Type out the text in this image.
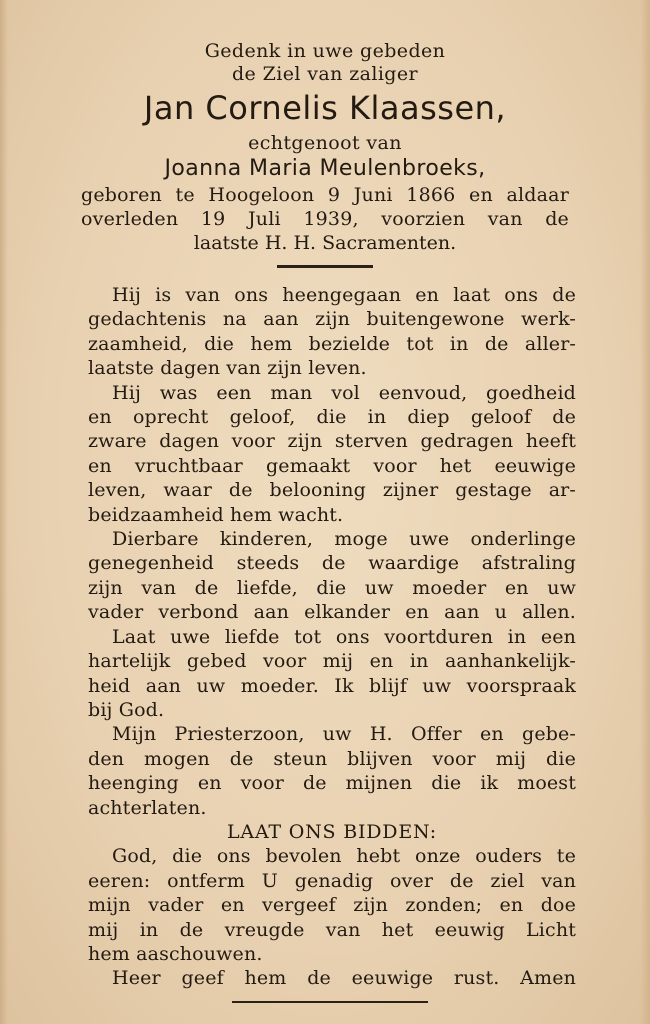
Gedenk in uwe gebeden
de Ziel van zaliger
Jan Cornelis Klaassen,
echtgenoot van
Joanna Maria Meulenbroeks,
geboren te Hoogeloon 9 Juni 1866 en aldaar
overleden 19 Juli 1939, voorzien van de
laatste H. H. Sacramenten.
Hij is van ons heengegaan en laat ons de
gedachtenis na aan zijn buitengewone werk-
zaamheid, die hem bezielde tot in de aller-
laatste dagen van zijn leven.
Hij was een man vol eenvoud, goedheid
en oprecht geloof, die in diep geloof de
zware dagen voor zijn sterven gedragen heeft
en vruchtbaar gemaakt voor het eeuwige
leven, waar de belooning zijner gestage ar-
beidzaamheid hem wacht.
Dierbare kinderen, moge uwe onderlinge
genegenheid steeds de waardige afstraling
zijn van de liefde, die uw moeder en uw
vader verbond aan elkander en aan u allen.
Laat uwe liefde tot ons voortduren in een
hartelijk gebed voor mij en in aanhankelijk-
heid aan uw moeder. Ik blijf uw voorspraak
bij God.
Mijn Priesterzoon, uw H. Offer en gebe-
den mogen de steun blijven voor mij die
heenging en voor de mijnen die ik moest
achterlaten.
LAAT ONS BIDDEN:
God, die ons bevolen hebt onze ouders te
eeren: ontferm U genadig over de ziel van
mijn vader en vergeef zijn zonden; en doe
mij in de vreugde van het eeuwig Licht
hem aaschouwen.
Heer geef hem de eeuwige rust. Amen
